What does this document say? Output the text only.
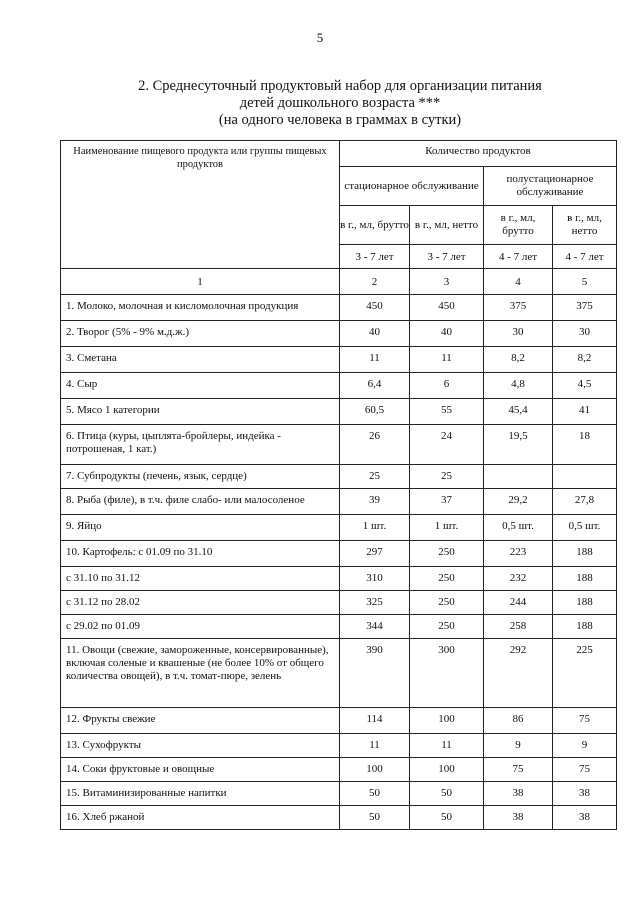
5
2. Среднесуточный продуктовый набор для организации питания
детей дошкольного возраста ***
(на одного человека в граммах в сутки)
Наименование пищевого продукта или группы пищевых продуктов	Количество продуктов			
	стационарное обслуживание		полустационарное обслуживание	
	в г., мл, брутто	в г., мл, нетто	в г., мл, брутто	в г., мл, нетто
	3 - 7 лет	3 - 7 лет	4 - 7 лет	4 - 7 лет
1	2	3	4	5
1. Молоко, молочная и кисломолочная продукция	450	450	375	375
2. Творог (5% - 9% м.д.ж.)	40	40	30	30
3. Сметана	11	11	8,2	8,2
4. Сыр	6,4	6	4,8	4,5
5. Мясо 1 категории	60,5	55	45,4	41
6. Птица (куры, цыплята-бройлеры, индейка - потрошеная, 1 кат.)	26	24	19,5	18
7. Субпродукты (печень, язык, сердце)	25	25		
8. Рыба (филе), в т.ч. филе слабо- или малосоленое	39	37	29,2	27,8
9. Яйцо	1 шт.	1 шт.	0,5 шт.	0,5 шт.
10. Картофель: с 01.09 по 31.10	297	250	223	188
с 31.10 по 31.12	310	250	232	188
с 31.12 по 28.02	325	250	244	188
с 29.02 по 01.09	344	250	258	188
11. Овощи (свежие, замороженные, консервированные), включая соленые и квашеные (не более 10% от общего количества овощей), в т.ч. томат-пюре, зелень	390	300	292	225
12. Фрукты свежие	114	100	86	75
13. Сухофрукты	11	11	9	9
14. Соки фруктовые и овощные	100	100	75	75
15. Витаминизированные напитки	50	50	38	38
16. Хлеб ржаной	50	50	38	38
